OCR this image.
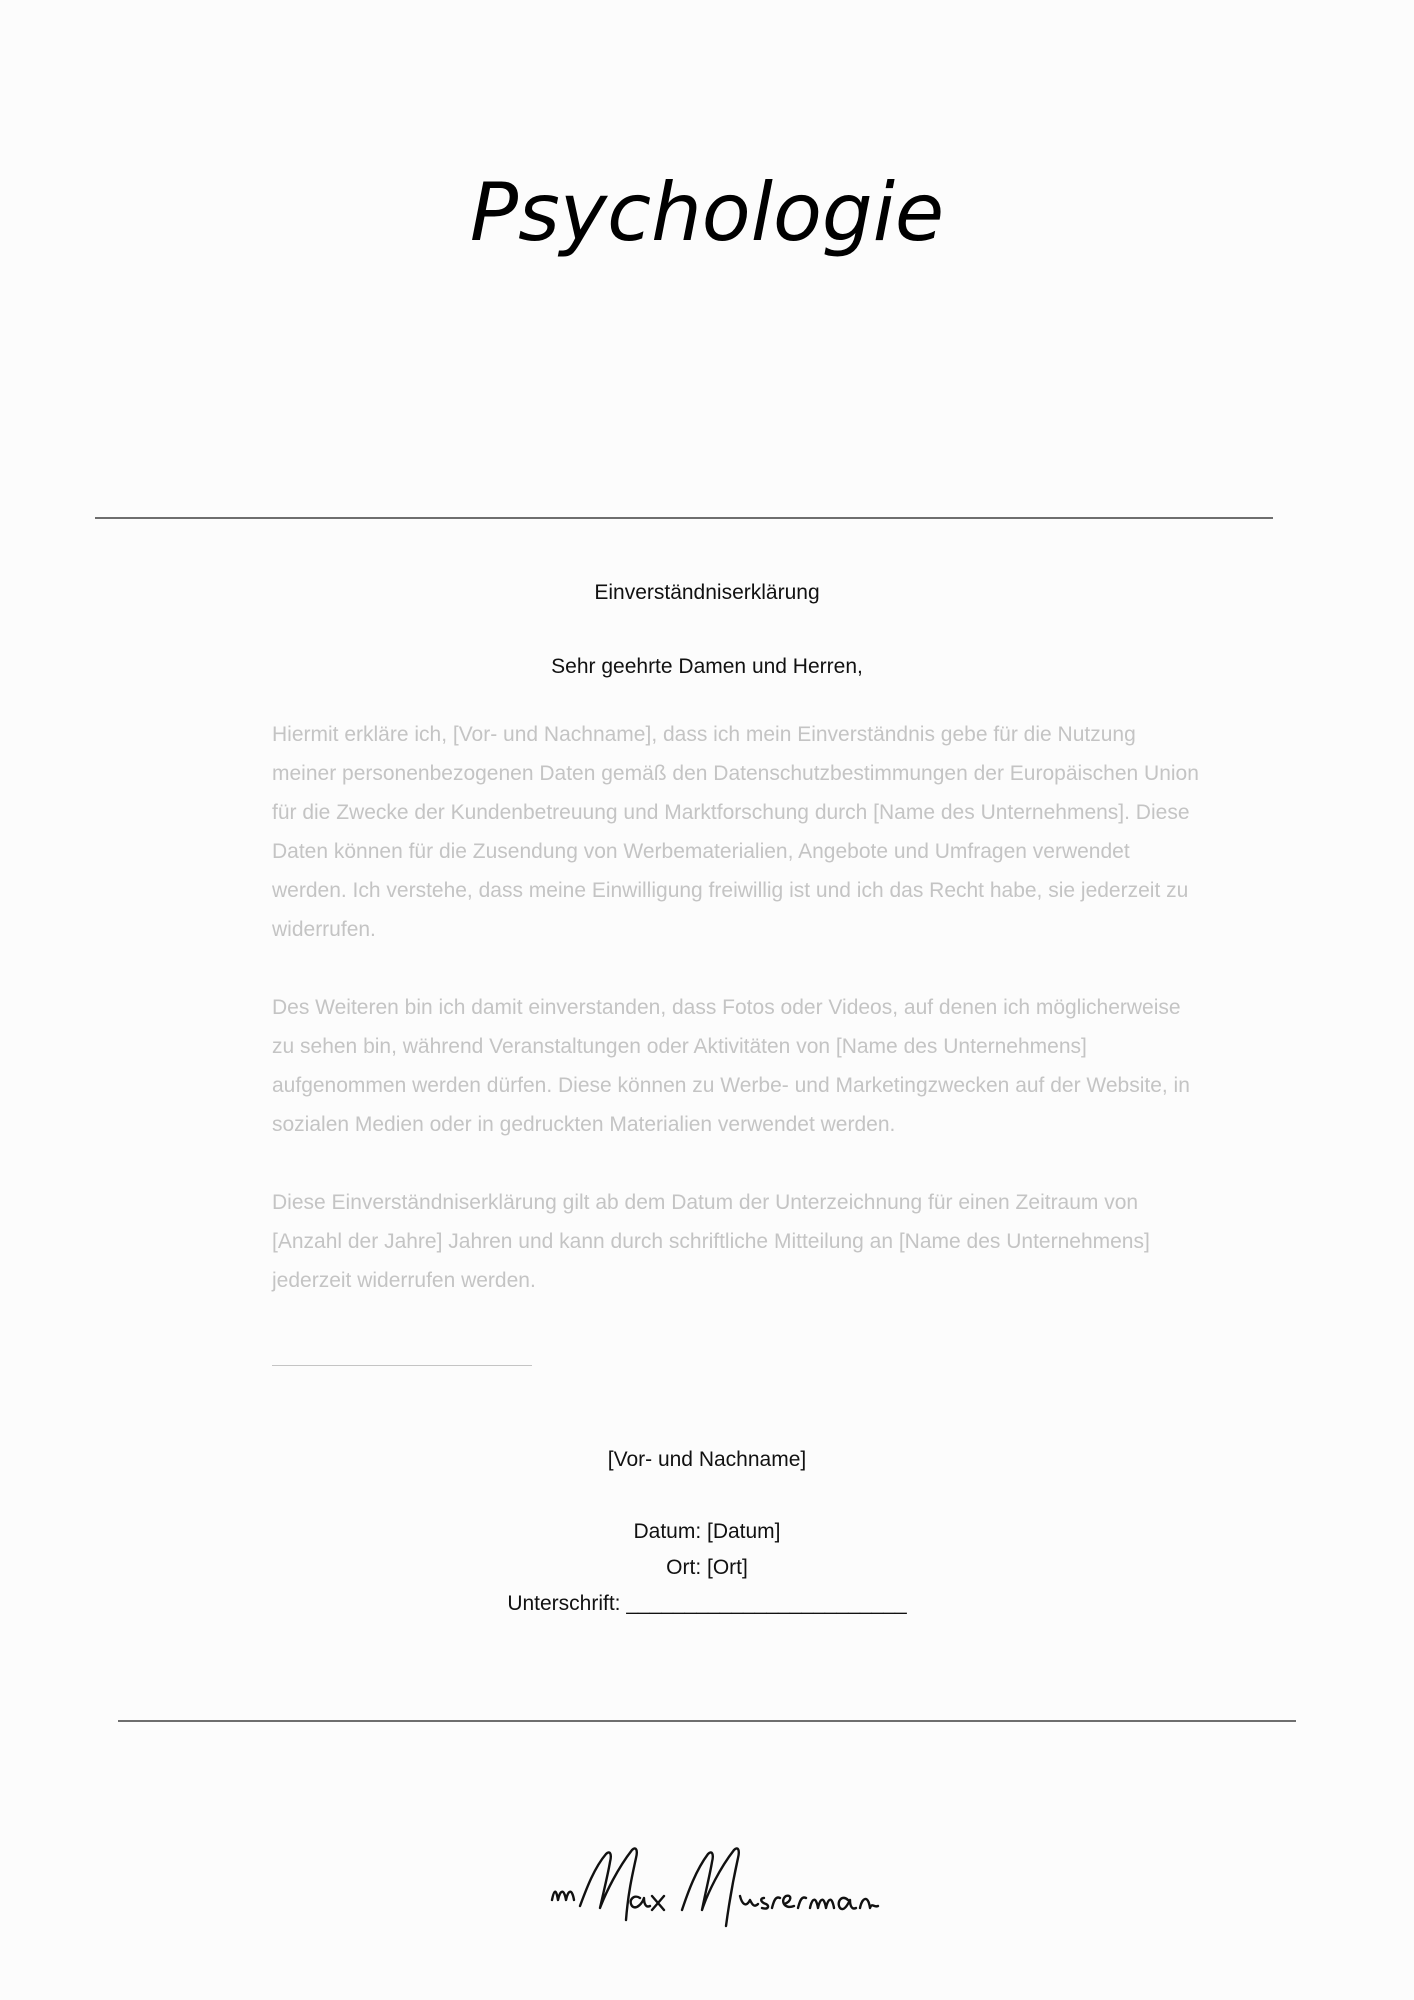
Psychologie
Einverständniserklärung
Sehr geehrte Damen und Herren,

Hiermit erkläre ich, [Vor- und Nachname], dass ich mein Einverständnis gebe für die Nutzung meiner personenbezogenen Daten gemäß den Datenschutzbestimmungen der Europäischen Union für die Zwecke der Kundenbetreuung und Marktforschung durch [Name des Unternehmens]. Diese Daten können für die Zusendung von Werbematerialien, Angebote und Umfragen verwendet werden. Ich verstehe, dass meine Einwilligung freiwillig ist und ich das Recht habe, sie jederzeit zu widerrufen.

Des Weiteren bin ich damit einverstanden, dass Fotos oder Videos, auf denen ich möglicherweise zu sehen bin, während Veranstaltungen oder Aktivitäten von [Name des Unternehmens] aufgenommen werden dürfen. Diese können zu Werbe- und Marketingzwecken auf der Website, in sozialen Medien oder in gedruckten Materialien verwendet werden.

Diese Einverständniserklärung gilt ab dem Datum der Unterzeichnung für einen Zeitraum von [Anzahl der Jahre] Jahren und kann durch schriftliche Mitteilung an [Name des Unternehmens] jederzeit widerrufen werden.

[Vor- und Nachname]
Datum: [Datum]
Ort: [Ort]
Unterschrift: ________________________
